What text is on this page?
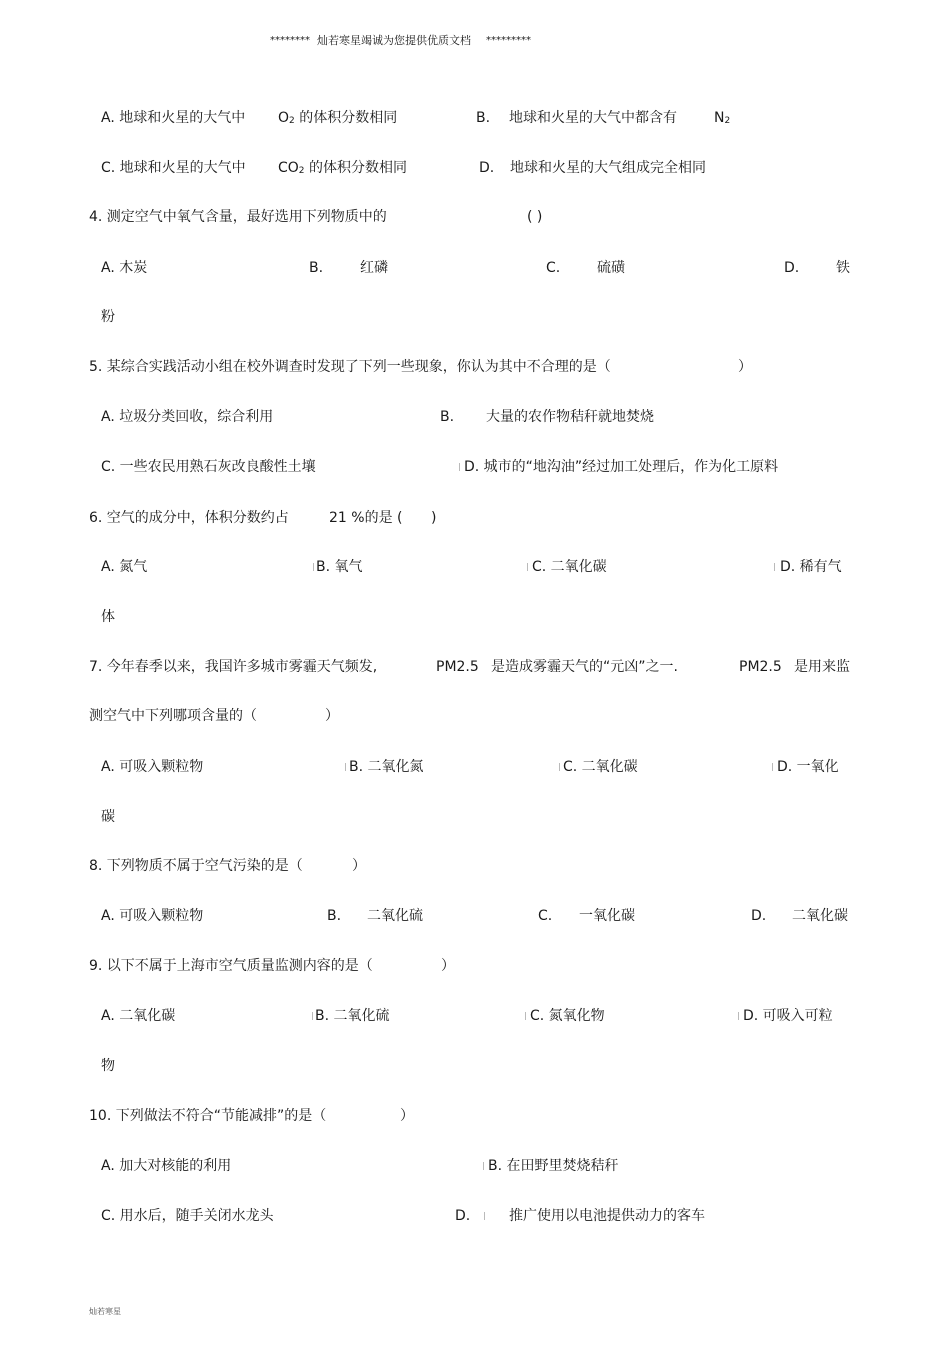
******** 灿若寒星竭诚为您提供优质文档 *********
A. 地球和火星的大气中 $O_2$ 的体积分数相同	B. 地球和火星的大气中都含有	$N_2$
C. 地球和火星的大气中 $CO_2$ 的体积分数相同	D. 地球和火星的大气组成完全相同
4. 测定空气中氧气含量，最好选用下列物质中的	( )
A. 木炭	B.	红磷	C.	硫磺	D.	铁
粉
5. 某综合实践活动小组在校外调查时发现了下列一些现象，你认为其中不合理的是（	）
A. 垃圾分类回收，综合利用	B. 大量的农作物秸秆就地焚烧
C. 一些农民用熟石灰改良酸性土壤	| D. 城市的“地沟油”经过加工处理后，作为化工原料
6. 空气的成分中，体积分数约占	21 %的是 ( )
A. 氮气	| B. 氧气	| C. 二氧化碳	| D. 稀有气
体
7. 今年春季以来，我国许多城市雾霾天气频发,	PM2.5 是造成雾霾天气的“元凶”之一.	PM2.5 是用来监
测空气中下列哪项含量的（	）
A. 可吸入颗粒物	| B. 二氧化氮	| C. 二氧化碳	| D. 一氧化
碳
8. 下列物质不属于空气污染的是（	）
A. 可吸入颗粒物	B. 二氧化硫	C. 一氧化碳	D. 二氧化碳
9. 以下不属于上海市空气质量监测内容的是（	）
A. 二氧化碳	| B. 二氧化硫	| C. 氮氧化物	| D. 可吸入可粒
物
10. 下列做法不符合“节能减排”的是（	）
A. 加大对核能的利用	| B. 在田野里焚烧秸秆
C. 用水后，随手关闭水龙头	D. | 推广使用以电池提供动力的客车
灿若寒星
